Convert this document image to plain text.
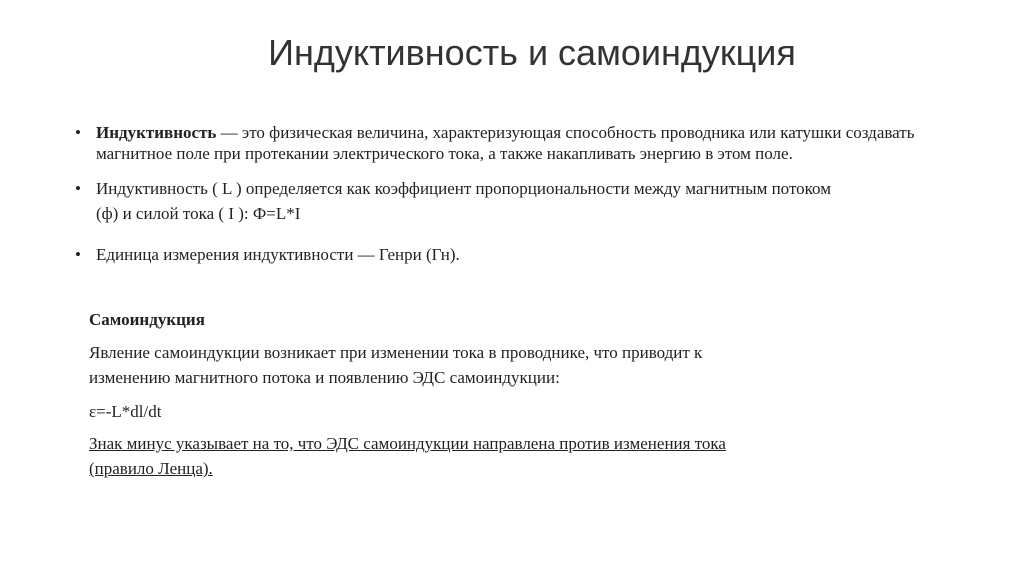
Индуктивность и самоиндукция
• Индуктивность — это физическая величина, характеризующая способность проводника или катушки создавать магнитное поле при протекании электрического тока, а также накапливать энергию в этом поле.
• Индуктивность ( L ) определяется как коэффициент пропорциональности между магнитным потоком
(ф) и силой тока ( I ): Ф=L*I
• Единица измерения индуктивности — Генри (Гн).
Самоиндукция
Явление самоиндукции возникает при изменении тока в проводнике, что приводит к
изменению магнитного потока и появлению ЭДС самоиндукции:
ε=-L*dl/dt
Знак минус указывает на то, что ЭДС самоиндукции направлена против изменения тока
(правило Ленца).
